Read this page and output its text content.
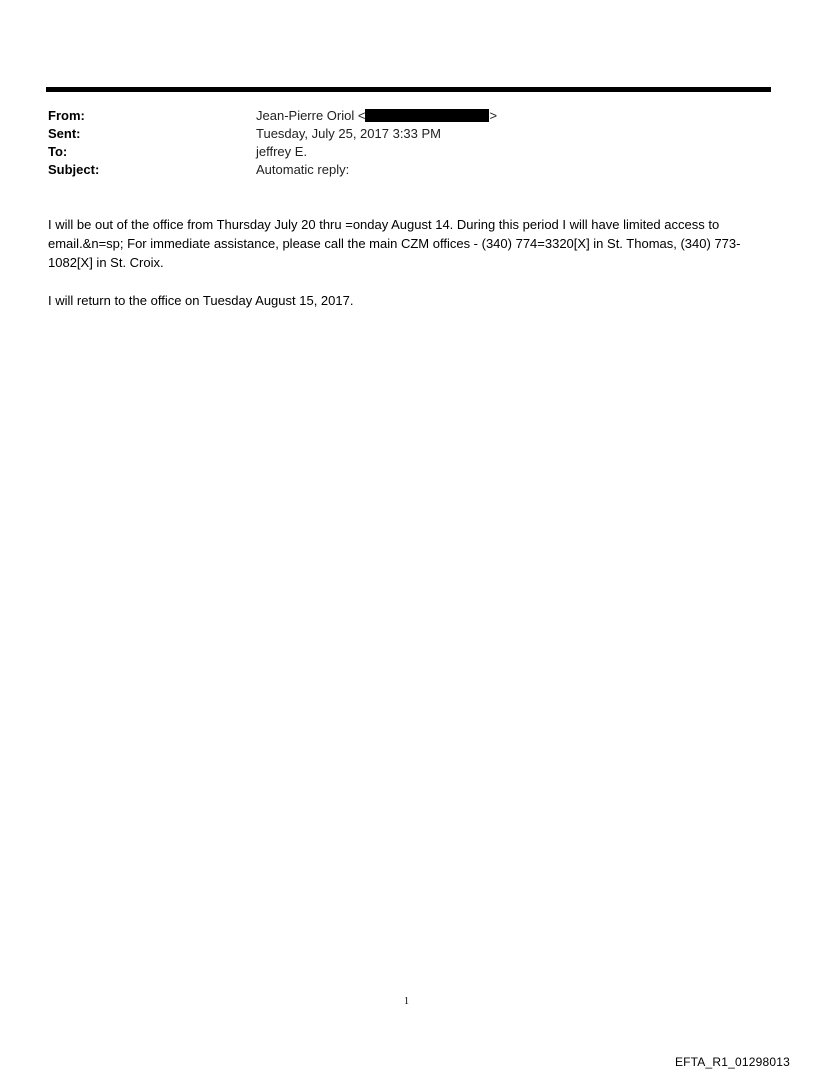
From:	Jean-Pierre Oriol <	>
Sent:	Tuesday, July 25, 2017 3:33 PM
To:	jeffrey E.
Subject:	Automatic reply:

I will be out of the office from Thursday July 20 thru =onday August 14. During this period I will have limited access to email.&n=sp; For immediate assistance, please call the main CZM offices - (340) 774=3320[X] in St. Thomas, (340) 773-1082[X] in St. Croix.

I will return to the office on Tuesday August 15, 2017.

1
EFTA_R1_01298013
